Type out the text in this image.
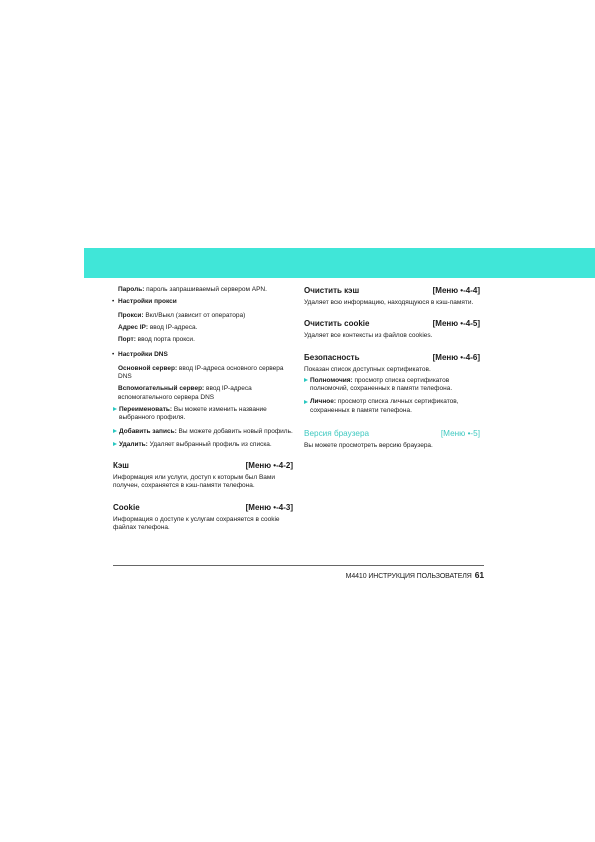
Пароль: пароль запрашиваемый сервером APN.
• Настройки прокси
Прокси: Вкл/Выкл (зависит от оператора)
Адрес IP: ввод IP-адреса.
Порт: ввод порта прокси.
• Настройки DNS
Основной сервер: ввод IP-адреса основного сервера DNS
Вспомогательный сервер: ввод IP-адреса вспомогательного сервера DNS
Переименовать: Вы можете изменить название выбранного профиля.
Добавить запись: Вы можете добавить новый профиль.
Удалить: Удаляет выбранный профиль из списка.
Кэш	[Меню •-4-2]
Информация или услуги, доступ к которым был Вами получен, сохраняется в кэш-памяти телефона.
Cookie	[Меню •-4-3]
Информация о доступе к услугам сохраняется в cookie файлах телефона.
Очистить кэш	[Меню •-4-4]
Удаляет всю информацию, находящуюся в кэш-памяти.
Очистить cookie	[Меню •-4-5]
Удаляет все контексты из файлов cookies.
Безопасность	[Меню •-4-6]
Показан список доступных сертификатов.
Полномочия: просмотр списка сертификатов полномочий, сохраненных в памяти телефона.
Личное: просмотр списка личных сертификатов, сохраненных в памяти телефона.
Версия браузера	[Меню •-5]
Вы можете просмотреть версию браузера.
M4410 ИНСТРУКЦИЯ ПОЛЬЗОВАТЕЛЯ 61
